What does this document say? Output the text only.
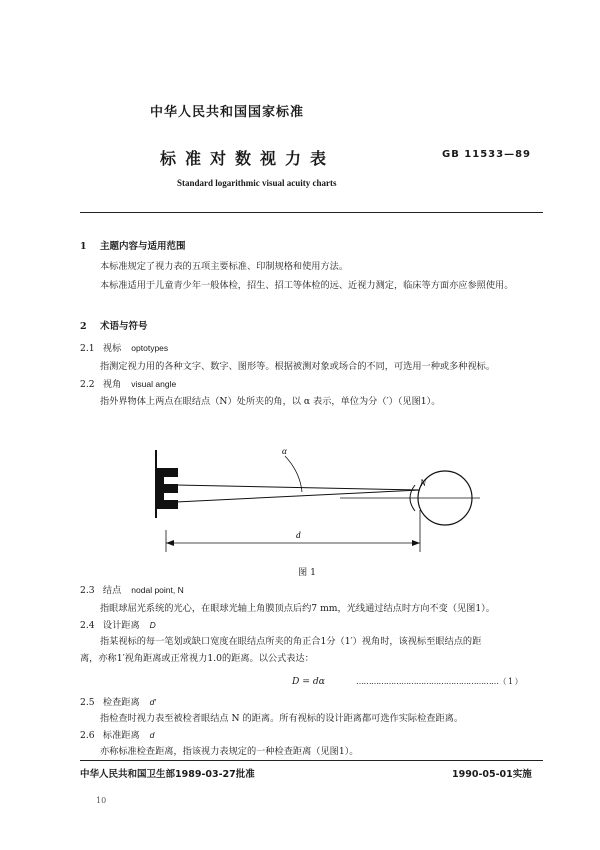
中华人民共和国国家标准
标准对数视力表	GB 11533—89
Standard logarithmic visual acuity charts
1 主题内容与适用范围
本标准规定了视力表的五项主要标准、印制规格和使用方法。
本标准适用于儿童青少年一般体检，招生、招工等体检的远、近视力测定，临床等方面亦应参照使用。
2 术语与符号
2.1 视标 optotypes
指测定视力用的各种文字、数字、图形等。根据被测对象或场合的不同，可选用一种或多种视标。
2.2 视角 visual angle
指外界物体上两点在眼结点（N）处所夹的角，以 α 表示，单位为分（′）（见图1）。
α
N
d
图 1
2.3 结点 nodal point, N
指眼球屈光系统的光心，在眼球光轴上角膜顶点后约7 mm，光线通过结点时方向不变（见图1）。
2.4 设计距离 D
指某视标的每一笔划或缺口宽度在眼结点所夹的角正合1分（1′）视角时，该视标至眼结点的距
离，亦称1′视角距离或正常视力1.0的距离。以公式表达：
D = dα	…………………………………………………（ 1 ）
2.5 检查距离 d′
指检查时视力表至被检者眼结点 N 的距离。所有视标的设计距离都可选作实际检查距离。
2.6 标准距离 d
亦称标准检查距离，指该视力表规定的一种检查距离（见图1）。
中华人民共和国卫生部1989-03-27批准	1990-05-01实施
10
